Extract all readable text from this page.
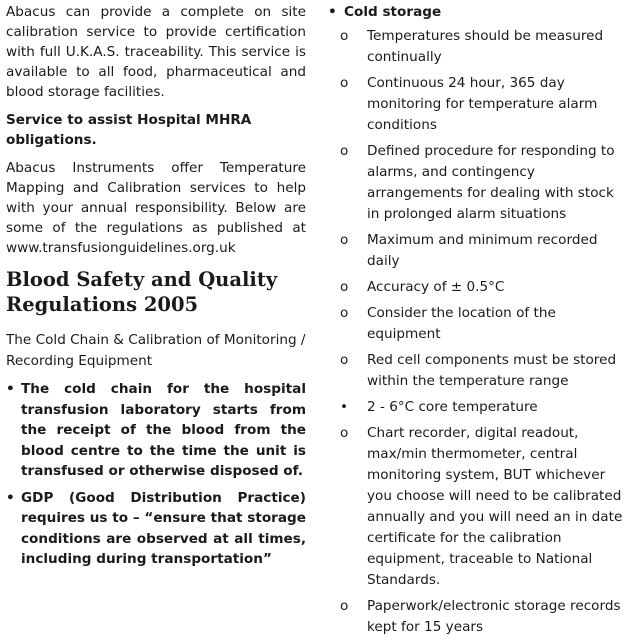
Abacus can provide a complete on site calibration service to provide certification with full U.K.A.S. traceability. This service is available to all food, pharmaceutical and blood storage facilities.

Service to assist Hospital MHRA obligations.

Abacus Instruments offer Temperature Mapping and Calibration services to help with your annual responsibility. Below are some of the regulations as published at www.transfusionguidelines.org.uk

Blood Safety and Quality Regulations 2005

The Cold Chain & Calibration of Monitoring / Recording Equipment

• The cold chain for the hospital transfusion laboratory starts from the receipt of the blood from the blood centre to the time the unit is transfused or otherwise disposed of.
• GDP (Good Distribution Practice) requires us to – “ensure that storage conditions are observed at all times, including during transportation”
• Cold storage
o Temperatures should be measured continually
o Continuous 24 hour, 365 day monitoring for temperature alarm conditions
o Defined procedure for responding to alarms, and contingency arrangements for dealing with stock in prolonged alarm situations
o Maximum and minimum recorded daily
o Accuracy of ± 0.5°C
o Consider the location of the equipment
o Red cell components must be stored within the temperature range
• 2 - 6°C core temperature
o Chart recorder, digital readout, max/min thermometer, central monitoring system, BUT whichever you choose will need to be calibrated annually and you will need an in date certificate for the calibration equipment, traceable to National Standards.
o Paperwork/electronic storage records kept for 15 years
